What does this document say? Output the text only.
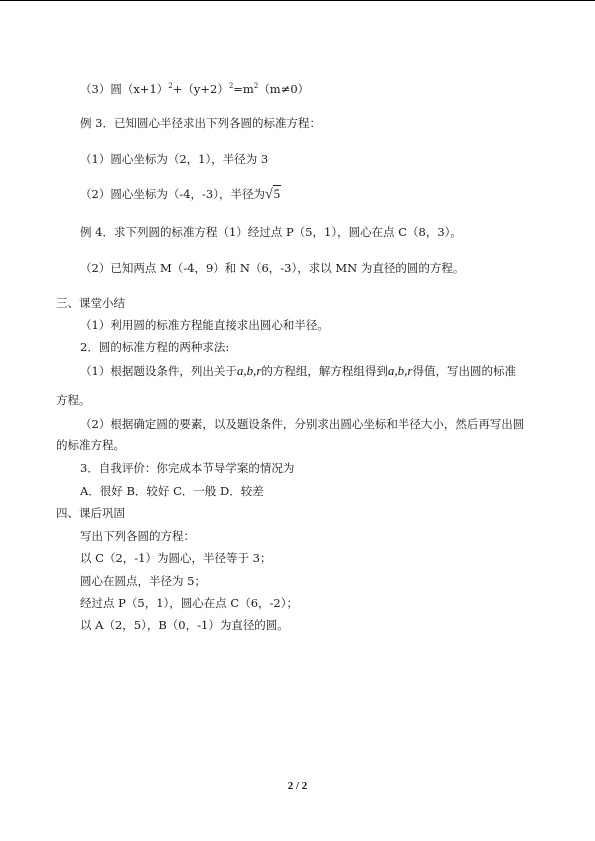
（3）圆$(x+1)^2+(y+2)^2=m^2(m\ne 0)$
例 3．已知圆心半径求出下列各圆的标准方程：
（1）圆心坐标为（2，1），半径为 3
（2）圆心坐标为（-4，-3），半径为√5
例 4．求下列圆的标准方程（1）经过点 P（5，1），圆心在点 C（8，3）。
（2）已知两点 M（-4，9）和 N（6，-3），求以 MN 为直径的圆的方程。
三、课堂小结
（1）利用圆的标准方程能直接求出圆心和半径。
2．圆的标准方程的两种求法:
（1）根据题设条件，列出关于a,b,r的方程组，解方程组得到a,b,r得值，写出圆的标准
方程。
（2）根据确定圆的要素，以及题设条件，分别求出圆心坐标和半径大小，然后再写出圆
的标准方程。
3．自我评价：你完成本节导学案的情况为
A．很好 B．较好 C．一般 D．较差
四、课后巩固
写出下列各圆的方程：
以 C（2，-1）为圆心，半径等于 3；
圆心在圆点，半径为 5；
经过点 P（5，1），圆心在点 C（6，-2）；
以 A（2，5），B（0，-1）为直径的圆。
2 / 2
